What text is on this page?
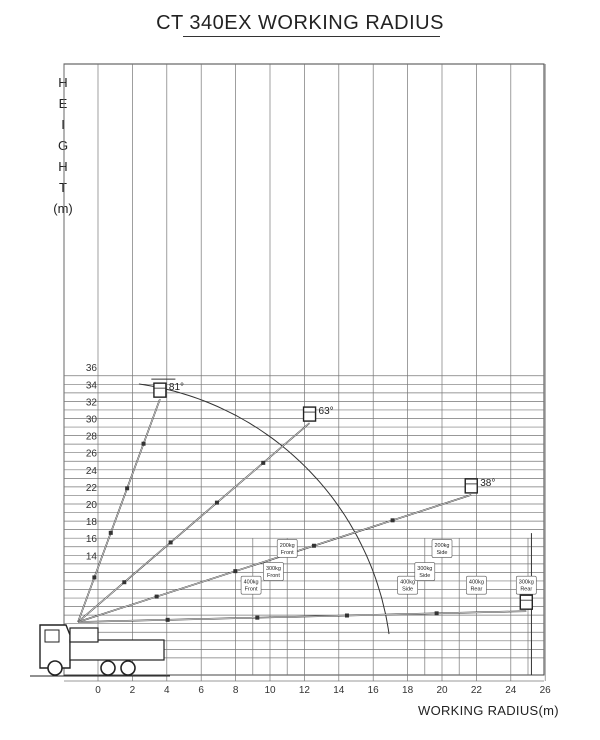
CT 340EX WORKING RADIUS
H
E
I
G
H
T
(m)
WORKING RADIUS(m)
14
16
18
20
22
24
26
28
30
32
34
36
0	2	4	6	8	10 12 14 16 18 20 22 24 26
81°
63°
38°
400kg
Front
300kg
Front
200kg
Front
400kg
Side
300kg
Side
200kg
Side
400kg
Rear
300kg
Rear
